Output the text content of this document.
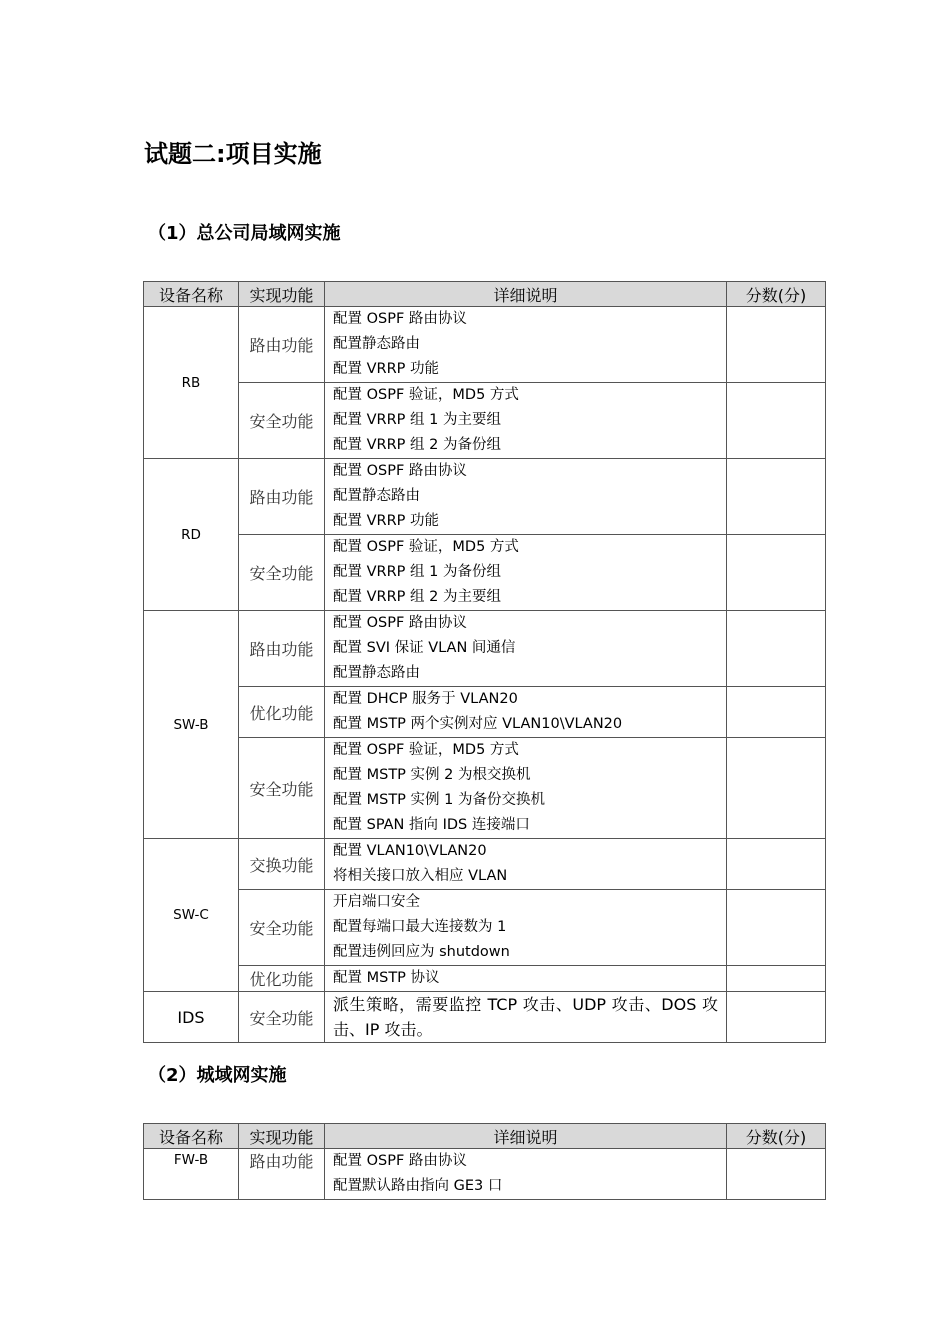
试题二:项目实施
（1）总公司局域网实施
设备名称	实现功能	详细说明	分数(分)
RB	路由功能	配置 OSPF 路由协议
配置静态路由
配置 VRRP 功能	

	安全功能	配置 OSPF 验证，MD5 方式
配置 VRRP 组 1 为主要组
配置 VRRP 组 2 为备份组	

RD	路由功能	配置 OSPF 路由协议
配置静态路由
配置 VRRP 功能	

	安全功能	配置 OSPF 验证，MD5 方式
配置 VRRP 组 1 为备份组
配置 VRRP 组 2 为主要组	

SW-B	路由功能	配置 OSPF 路由协议
配置 SVI 保证 VLAN 间通信
配置静态路由	

	优化功能	配置 DHCP 服务于 VLAN20
配置 MSTP 两个实例对应 VLAN10\VLAN20	

	安全功能	配置 OSPF 验证，MD5 方式
配置 MSTP 实例 2 为根交换机
配置 MSTP 实例 1 为备份交换机
配置 SPAN 指向 IDS 连接端口	

SW-C	交换功能	配置 VLAN10\VLAN20
将相关接口放入相应 VLAN	

	安全功能	开启端口安全
配置每端口最大连接数为 1
配置违例回应为 shutdown	

	优化功能	配置 MSTP 协议	

IDS	安全功能	派生策略，需要监控 TCP 攻击、UDP 攻击、DOS 攻击、IP 攻击。	
（2）城域网实施
设备名称	实现功能	详细说明	分数(分)
FW-B	路由功能	配置 OSPF 路由协议
配置默认路由指向 GE3 口	
